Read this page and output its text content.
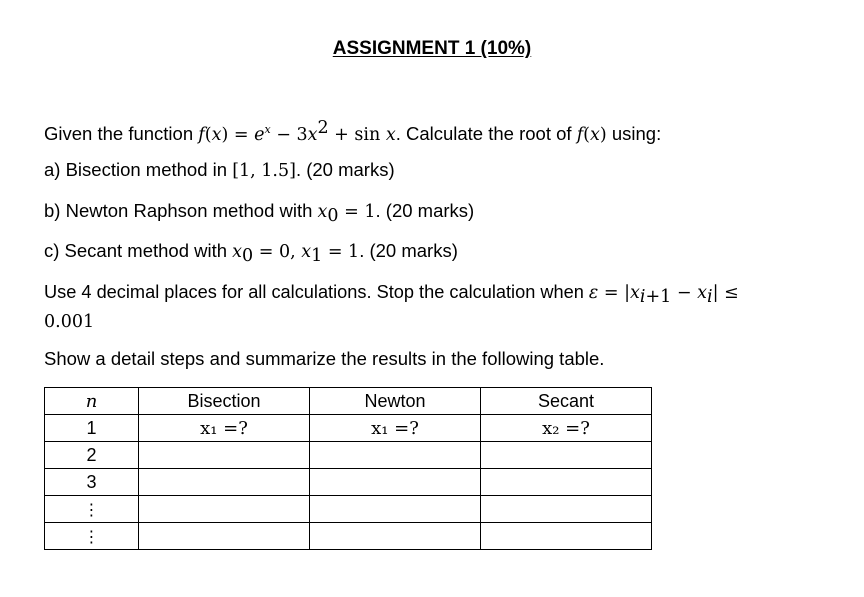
ASSIGNMENT 1 (10%)
Given the function $f(x) = e^x - 3x^2 + \sin x$. Calculate the root of f(x) using:
a) Bisection method in [1, 1.5]. (20 marks)
b) Newton Raphson method with $x_0 = 1$. (20 marks)
c) Secant method with $x_0 = 0$, $x_1 = 1$. (20 marks)
Use 4 decimal places for all calculations. Stop the calculation when $\varepsilon = |x_{i+1} - x_i|$ ≤
0.001
Show a detail steps and summarize the results in the following table.
n	Bisection	Newton	Secant
1	x₁ =?	x₁ =?	x₂ =?
2			
3			
⋮			
⋮			
